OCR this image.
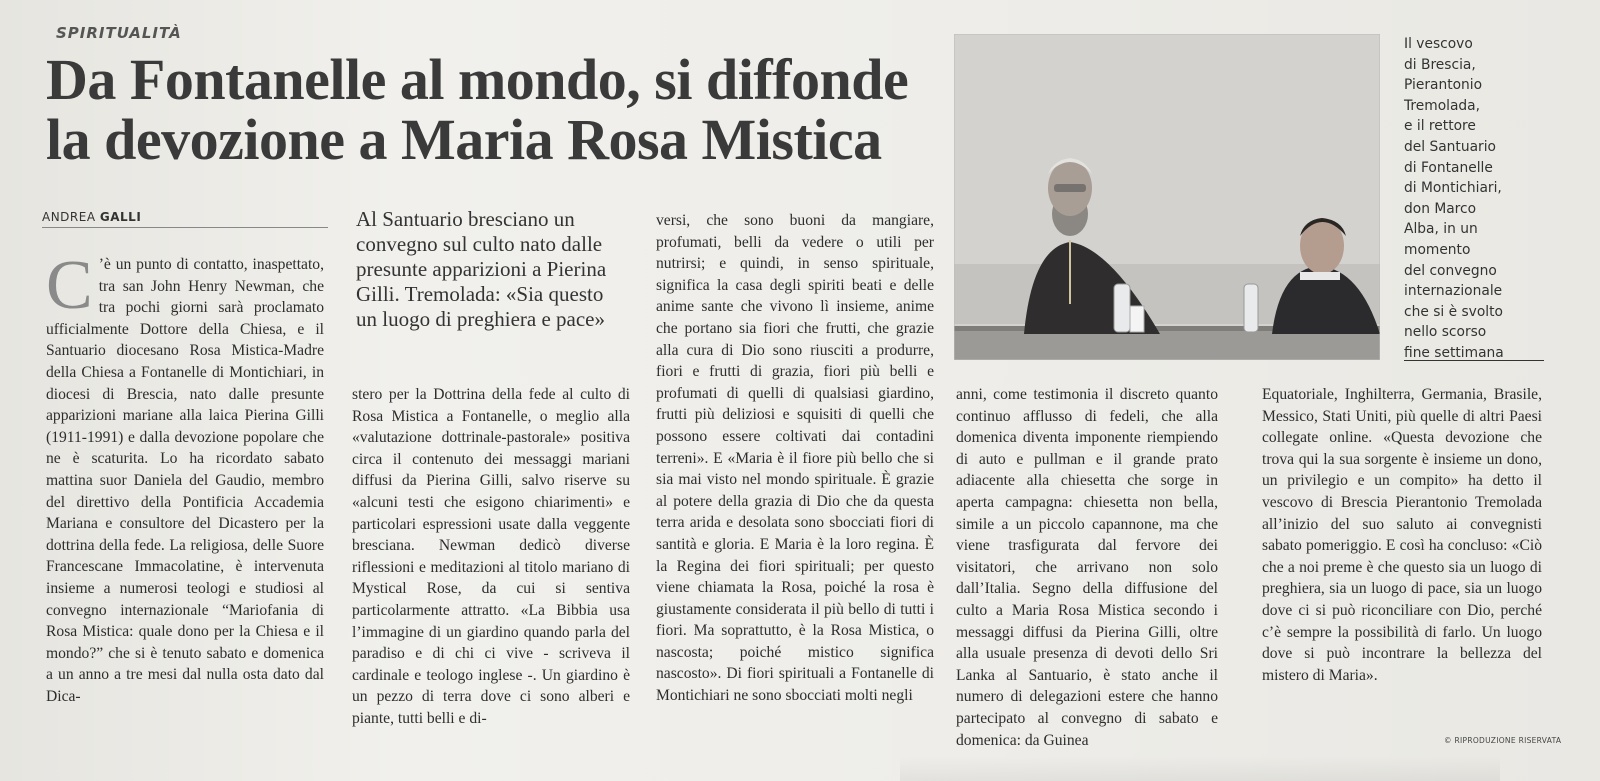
SPIRITUALITÀ
Da Fontanelle al mondo, si diffonde la devozione a Maria Rosa Mistica
ANDREA GALLI	Al Santuario bresciano un convegno sul culto nato dalle presunte apparizioni a Pierina Gilli. Tremolada: «Sia questo un luogo di preghiera e pace»
C ’è un punto di contatto, inaspettato, tra san John Henry Newman, che tra pochi giorni sarà proclamato ufficialmente Dottore della Chiesa, e il Santuario diocesano Rosa Mistica-Madre della Chiesa a Fontanelle di Montichiari, in diocesi di Brescia, nato dalle presunte apparizioni mariane alla laica Pierina Gilli (1911-1991) e dalla devozione popolare che ne è scaturita. Lo ha ricordato sabato mattina suor Daniela del Gaudio, membro del direttivo della Pontificia Accademia Mariana e consultore del Dicastero per la dottrina della fede. La religiosa, delle Suore Francescane Immacolatine, è intervenuta insieme a numerosi teologi e studiosi al convegno internazionale “Mariofania di Rosa Mistica: quale dono per la Chiesa e il mondo?” che si è tenuto sabato e domenica a un anno a tre mesi dal nulla osta dato dal Dica-

stero per la Dottrina della fede al culto di Rosa Mistica a Fontanelle, o meglio alla «valutazione dottrinale-pastorale» positiva circa il contenuto dei messaggi mariani diffusi da Pierina Gilli, salvo riserve su «alcuni testi che esigono chiarimenti» e particolari espressioni usate dalla veggente bresciana. Newman dedicò diverse riflessioni e meditazioni al titolo mariano di Mystical Rose, da cui si sentiva particolarmente attratto. «La Bibbia usa l’immagine di un giardino quando parla del paradiso e di chi ci vive - scriveva il cardinale e teologo inglese -. Un giardino è un pezzo di terra dove ci sono alberi e piante, tutti belli e di-

versi, che sono buoni da mangiare, profumati, belli da vedere o utili per nutrirsi; e quindi, in senso spirituale, significa la casa degli spiriti beati e delle anime sante che vivono lì insieme, anime che portano sia fiori che frutti, che grazie alla cura di Dio sono riusciti a produrre, fiori e frutti di grazia, fiori più belli e profumati di quelli di qualsiasi giardino, frutti più deliziosi e squisiti di quelli che possono essere coltivati dai contadini terreni». E «Maria è il fiore più bello che si sia mai visto nel mondo spirituale. È grazie al potere della grazia di Dio che da questa terra arida e desolata sono sbocciati fiori di santità e gloria. E Maria è la loro regina. È la Regina dei fiori spirituali; per questo viene chiamata la Rosa, poiché la rosa è giustamente considerata il più bello di tutti i fiori. Ma soprattutto, è la Rosa Mistica, o nascosta; poiché mistico significa nascosto». Di fiori spirituali a Fontanelle di Montichiari ne sono sbocciati molti negli

anni, come testimonia il discreto quanto continuo afflusso di fedeli, che alla domenica diventa imponente riempiendo di auto e pullman e il grande prato adiacente alla chiesetta che sorge in aperta campagna: chiesetta non bella, simile a un piccolo capannone, ma che viene trasfigurata dal fervore dei visitatori, che arrivano non solo dall’Italia. Segno della diffusione del culto a Maria Rosa Mistica secondo i messaggi diffusi da Pierina Gilli, oltre alla usuale presenza di devoti dello Sri Lanka al Santuario, è stato anche il numero di delegazioni estere che hanno partecipato al convegno di sabato e domenica: da Guinea

Equatoriale, Inghilterra, Germania, Brasile, Messico, Stati Uniti, più quelle di altri Paesi collegate online. «Questa devozione che trova qui la sua sorgente è insieme un dono, un privilegio e un compito» ha detto il vescovo di Brescia Pierantonio Tremolada all’inizio del suo saluto ai convegnisti sabato pomeriggio. E così ha concluso: «Ciò che a noi preme è che questo sia un luogo di preghiera, sia un luogo di pace, sia un luogo dove ci si può riconciliare con Dio, perché c’è sempre la possibilità di farlo. Un luogo dove si può incontrare la bellezza del mistero di Maria».

Il vescovo
di Brescia,
Pierantonio
Tremolada,
e il rettore
del Santuario
di Fontanelle
di Montichiari,
don Marco
Alba, in un
momento
del convegno
internazionale
che si è svolto
nello scorso
fine settimana
© RIPRODUZIONE RISERVATA
